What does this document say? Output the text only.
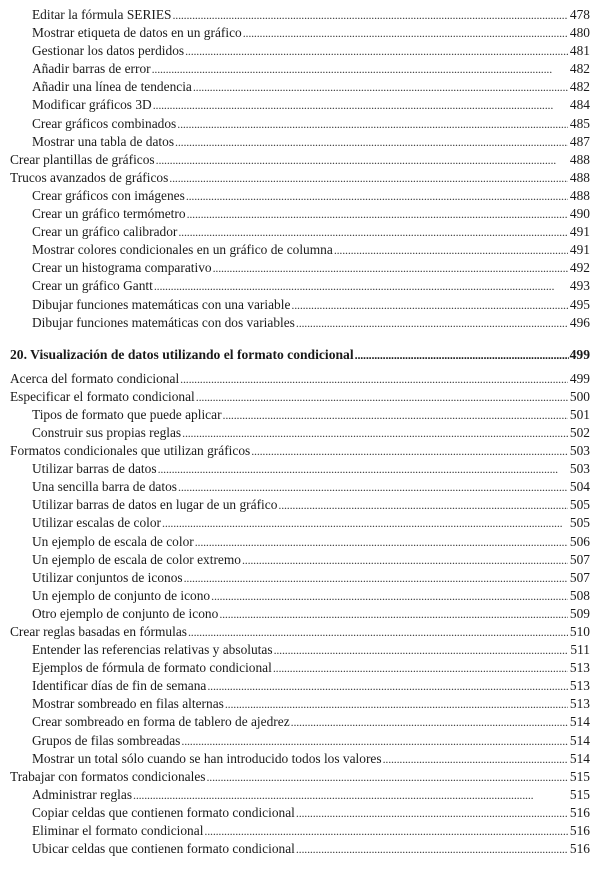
Editar la fórmula SERIES . . .	478
Mostrar etiqueta de datos en un gráfico . . .	480
Gestionar los datos perdidos . . .	481
Añadir barras de error . . .	482
Añadir una línea de tendencia . . .	482
Modificar gráficos 3D . . .	484
Crear gráficos combinados . . .	485
Mostrar una tabla de datos . . .	487
Crear plantillas de gráficos . . .	488
Trucos avanzados de gráficos . . .	488
Crear gráficos con imágenes . . .	488
Crear un gráfico termómetro . . .	490
Crear un gráfico calibrador . . .	491
Mostrar colores condicionales en un gráfico de columna . . .	491
Crear un histograma comparativo . . .	492
Crear un gráfico Gantt . . .	493
Dibujar funciones matemáticas con una variable . . .	495
Dibujar funciones matemáticas con dos variables . . .	496
20. Visualización de datos utilizando el formato condicional . . .	499
Acerca del formato condicional . . .	499
Especificar el formato condicional . . .	500
Tipos de formato que puede aplicar . . .	501
Construir sus propias reglas . . .	502
Formatos condicionales que utilizan gráficos . . .	503
Utilizar barras de datos . . .	503
Una sencilla barra de datos . . .	504
Utilizar barras de datos en lugar de un gráfico . . .	505
Utilizar escalas de color . . .	505
Un ejemplo de escala de color . . .	506
Un ejemplo de escala de color extremo . . .	507
Utilizar conjuntos de iconos . . .	507
Un ejemplo de conjunto de icono . . .	508
Otro ejemplo de conjunto de icono . . .	509
Crear reglas basadas en fórmulas . . .	510
Entender las referencias relativas y absolutas . . .	511
Ejemplos de fórmula de formato condicional . . .	513
Identificar días de fin de semana . . .	513
Mostrar sombreado en filas alternas . . .	513
Crear sombreado en forma de tablero de ajedrez . . .	514
Grupos de filas sombreadas . . .	514
Mostrar un total sólo cuando se han introducido todos los valores . . .	514
Trabajar con formatos condicionales . . .	515
Administrar reglas . . .	515
Copiar celdas que contienen formato condicional . . .	516
Eliminar el formato condicional . . .	516
Ubicar celdas que contienen formato condicional . . .	516
